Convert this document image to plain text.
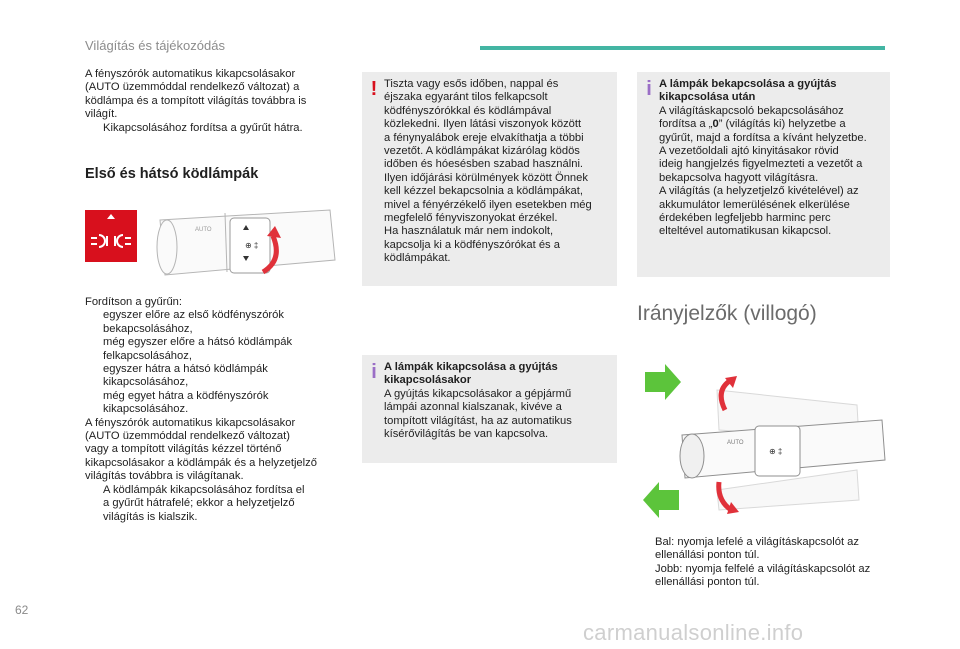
Világítás és tájékozódás

A fényszórók automatikus kikapcsolásakor

(AUTO üzemmóddal rendelkező változat) a

ködlámpa és a tompított világítás továbbra is

világít.

Kikapcsolásához fordítsa a gyűrűt hátra.

Első és hátsó ködlámpák
AUTO
⊕ ‡

Fordítson a gyűrűn:

egyszer előre az első ködfényszórók
bekapcsolásához,

még egyszer előre a hátsó ködlámpák
felkapcsolásához,

egyszer hátra a hátsó ködlámpák
kikapcsolásához,

még egyet hátra a ködfényszórók
kikapcsolásához.

A fényszórók automatikus kikapcsolásakor

(AUTO üzemmóddal rendelkező változat)

vagy a tompított világítás kézzel történő

kikapcsolásakor a ködlámpák és a helyzetjelző

világítás továbbra is világítanak.

A ködlámpák kikapcsolásához fordítsa el
a gyűrűt hátrafelé; ekkor a helyzetjelző
világítás is kialszik.

! Tiszta vagy esős időben, nappal és

éjszaka egyaránt tilos felkapcsolt

ködfényszórókkal és ködlámpával

közlekedni. Ilyen látási viszonyok között

a fénynyalábok ereje elvakíthatja a többi

vezetőt. A ködlámpákat kizárólag ködös

időben és hóesésben szabad használni.

Ilyen időjárási körülmények között Önnek

kell kézzel bekapcsolnia a ködlámpákat,

mivel a fényérzékelő ilyen esetekben még

megfelelő fényviszonyokat érzékel.

Ha használatuk már nem indokolt,

kapcsolja ki a ködfényszórókat és a

ködlámpákat.

i A lámpák kikapcsolása a gyújtás

kikapcsolásakor

A gyújtás kikapcsolásakor a gépjármű

lámpái azonnal kialszanak, kivéve a

tompított világítást, ha az automatikus

kísérővilágítás be van kapcsolva.

i A lámpák bekapcsolása a gyújtás

kikapcsolása után

A világításkapcsoló bekapcsolásához

fordítsa a „0” (világítás ki) helyzetbe a

gyűrűt, majd a fordítsa a kívánt helyzetbe.

A vezetőoldali ajtó kinyitásakor rövid

ideig hangjelzés figyelmezteti a vezetőt a

bekapcsolva hagyott világításra.

A világítás (a helyzetjelző kivételével) az

akkumulátor lemerülésének elkerülése

érdekében legfeljebb harminc perc

elteltével automatikusan kikapcsol.

Irányjelzők (villogó)
AUTO
⊕ ‡

Bal: nyomja lefelé a világításkapcsolót az
ellenállási ponton túl.

Jobb: nyomja felfelé a világításkapcsolót az
ellenállási ponton túl.

62
carmanualsonline.info
